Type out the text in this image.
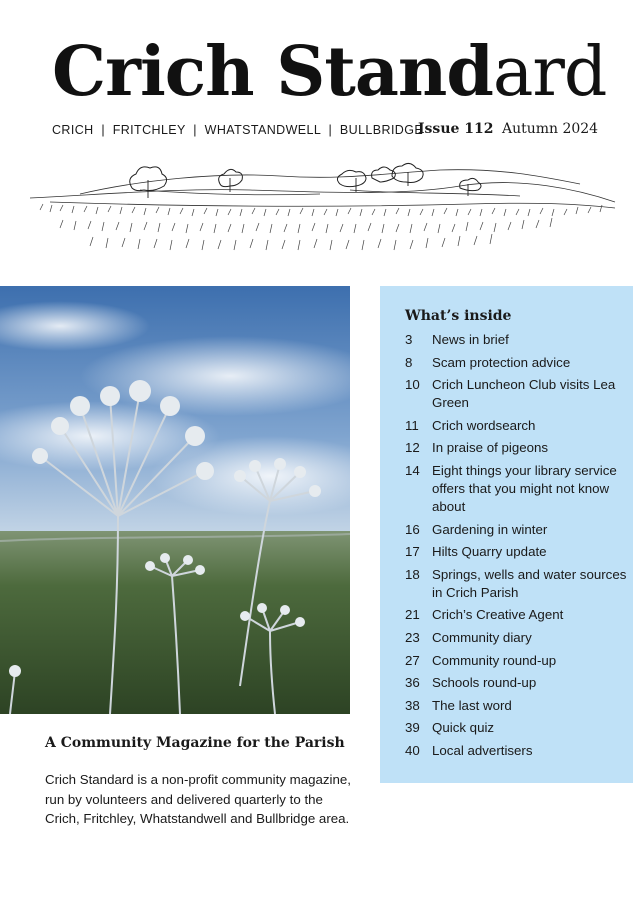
Crich Standard
CRICH  |  FRITCHLEY  |  WHATSTANDWELL  |  BULLBRIDGE
Issue 112 Autumn 2024
A Community Magazine for the Parish

Crich Standard is a non-profit community magazine, run by volunteers and delivered quarterly to the Crich, Fritchley, Whatstandwell and Bullbridge area.

What’s inside
3	News in brief
8	Scam protection advice
10 Crich Luncheon Club visits Lea Green
11 Crich wordsearch
12 In praise of pigeons
14 Eight things your library service offers that you might not know about
16 Gardening in winter
17 Hilts Quarry update
18 Springs, wells and water sources in Crich Parish
21 Crich’s Creative Agent
23 Community diary
27 Community round-up
36 Schools round-up
38 The last word
39 Quick quiz
40 Local advertisers
